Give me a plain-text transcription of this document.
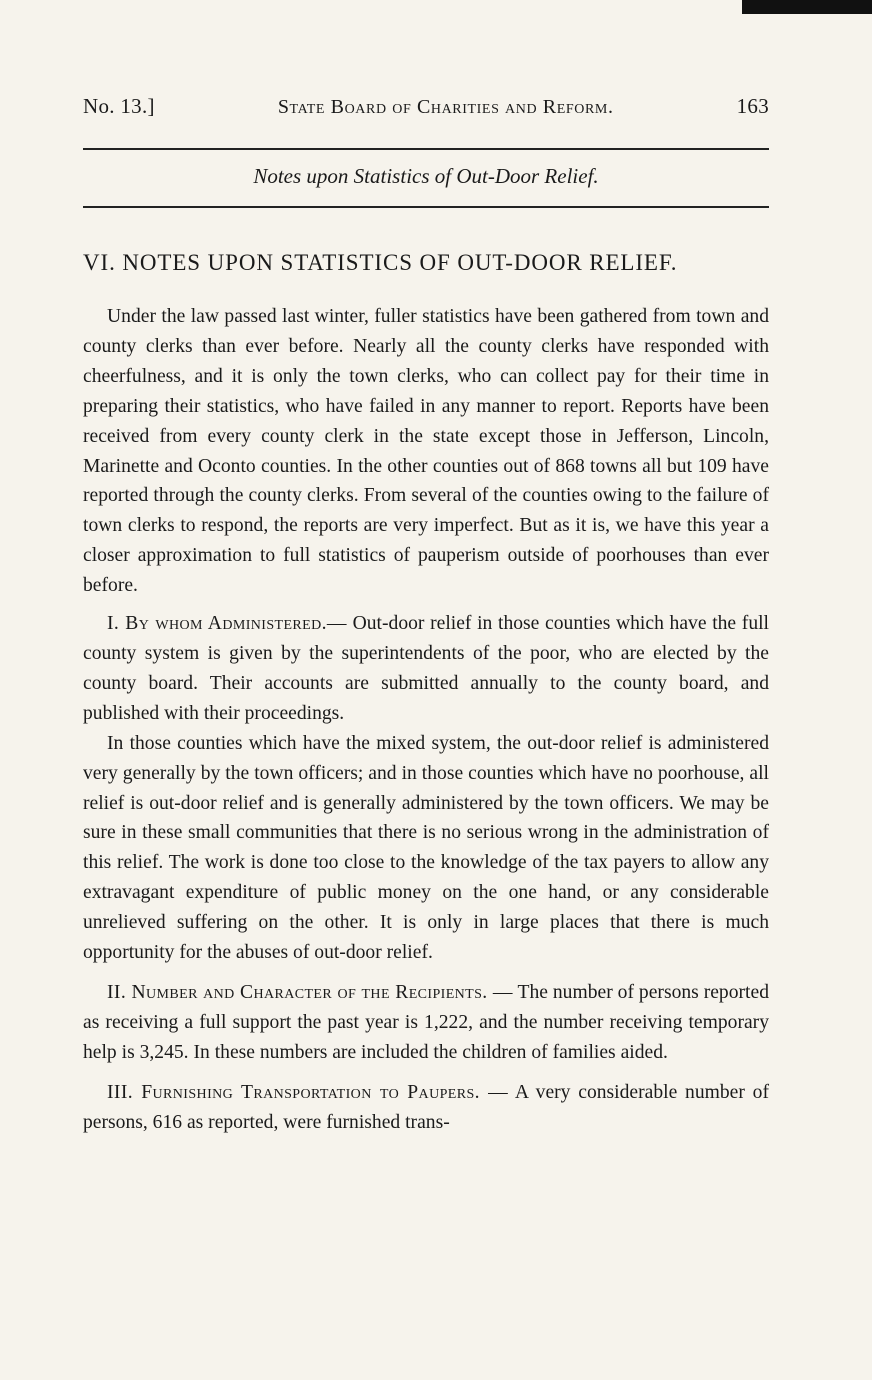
No. 13.]	State Board of Charities and Reform.	163
Notes upon Statistics of Out-Door Relief.
VI. NOTES UPON STATISTICS OF OUT-DOOR RELIEF.

Under the law passed last winter, fuller statistics have been gathered from town and county clerks than ever before. Nearly all the county clerks have responded with cheerfulness, and it is only the town clerks, who can collect pay for their time in preparing their statistics, who have failed in any manner to report. Reports have been received from every county clerk in the state except those in Jefferson, Lincoln, Marinette and Oconto counties. In the other counties out of 868 towns all but 109 have reported through the county clerks. From several of the counties owing to the failure of town clerks to respond, the reports are very imperfect. But as it is, we have this year a closer approximation to full statistics of pauperism outside of poorhouses than ever before.

I. By whom Administered.— Out-door relief in those counties which have the full county system is given by the superintendents of the poor, who are elected by the county board. Their accounts are submitted annually to the county board, and published with their proceedings.

In those counties which have the mixed system, the out-door relief is administered very generally by the town officers; and in those counties which have no poorhouse, all relief is out-door relief and is generally administered by the town officers. We may be sure in these small communities that there is no serious wrong in the administration of this relief. The work is done too close to the knowledge of the tax payers to allow any extravagant expenditure of public money on the one hand, or any considerable unrelieved suffering on the other. It is only in large places that there is much opportunity for the abuses of out-door relief.

II. Number and Character of the Recipients. — The number of persons reported as receiving a full support the past year is 1,222, and the number receiving temporary help is 3,245. In these numbers are included the children of families aided.

III. Furnishing Transportation to Paupers. — A very considerable number of persons, 616 as reported, were furnished trans-
